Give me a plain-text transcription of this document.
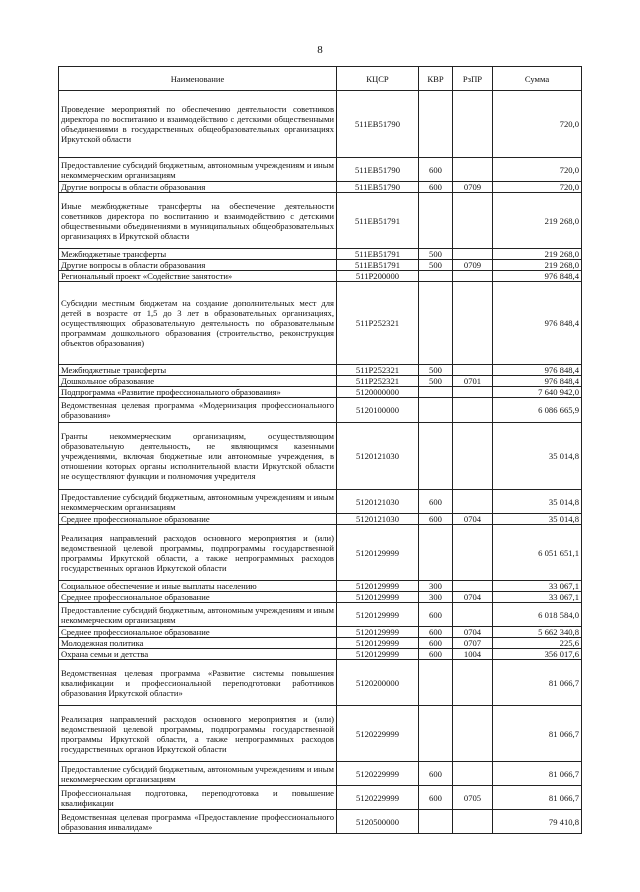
8
Наименование	КЦСР	КВР	РзПР	Сумма
Проведение мероприятий по обеспечению деятельности советников директора по воспитанию и взаимодействию с детскими общественными объединениями в государственных общеобразовательных организациях Иркутской области	511EB51790			720,0
Предоставление субсидий бюджетным, автономным учреждениям и иным некоммерческим организациям	511EB51790	600		720,0
Другие вопросы в области образования	511EB51790	600	0709	720,0
Иные межбюджетные трансферты на обеспечение деятельности советников директора по воспитанию и взаимодействию с детскими общественными объединениями в муниципальных общеобразовательных организациях в Иркутской области	511EB51791			219 268,0
Межбюджетные трансферты	511EB51791	500		219 268,0
Другие вопросы в области образования	511EB51791	500	0709	219 268,0
Региональный проект «Содействие занятости»	511P200000			976 848,4
Субсидии местным бюджетам на создание дополнительных мест для детей в возрасте от 1,5 до 3 лет в образовательных организациях, осуществляющих образовательную деятельность по образовательным программам дошкольного образования (строительство, реконструкция объектов образования)	511P252321			976 848,4
Межбюджетные трансферты	511P252321	500		976 848,4
Дошкольное образование	511P252321	500	0701	976 848,4
Подпрограмма «Развитие профессионального образования»	5120000000			7 640 942,0
Ведомственная целевая программа «Модернизация профессионального образования»	5120100000			6 086 665,9
Гранты некоммерческим организациям, осуществляющим образовательную деятельность, не являющимся казенными учреждениями, включая бюджетные или автономные учреждения, в отношении которых органы исполнительной власти Иркутской области не осуществляют функции и полномочия учредителя	5120121030			35 014,8
Предоставление субсидий бюджетным, автономным учреждениям и иным некоммерческим организациям	5120121030	600		35 014,8
Среднее профессиональное образование	5120121030	600	0704	35 014,8
Реализация направлений расходов основного мероприятия и (или) ведомственной целевой программы, подпрограммы государственной программы Иркутской области, а также непрограммных расходов государственных органов Иркутской области	5120129999			6 051 651,1
Социальное обеспечение и иные выплаты населению	5120129999	300		33 067,1
Среднее профессиональное образование	5120129999	300	0704	33 067,1
Предоставление субсидий бюджетным, автономным учреждениям и иным некоммерческим организациям	5120129999	600		6 018 584,0
Среднее профессиональное образование	5120129999	600	0704	5 662 340,8
Молодежная политика	5120129999	600	0707	225,6
Охрана семьи и детства	5120129999	600	1004	356 017,6
Ведомственная целевая программа «Развитие системы повышения квалификации и профессиональной переподготовки работников образования Иркутской области»	5120200000			81 066,7
Реализация направлений расходов основного мероприятия и (или) ведомственной целевой программы, подпрограммы государственной программы Иркутской области, а также непрограммных расходов государственных органов Иркутской области	5120229999			81 066,7
Предоставление субсидий бюджетным, автономным учреждениям и иным некоммерческим организациям	5120229999	600		81 066,7
Профессиональная подготовка, переподготовка и повышение квалификации	5120229999	600	0705	81 066,7
Ведомственная целевая программа «Предоставление профессионального образования инвалидам»	5120500000			79 410,8
